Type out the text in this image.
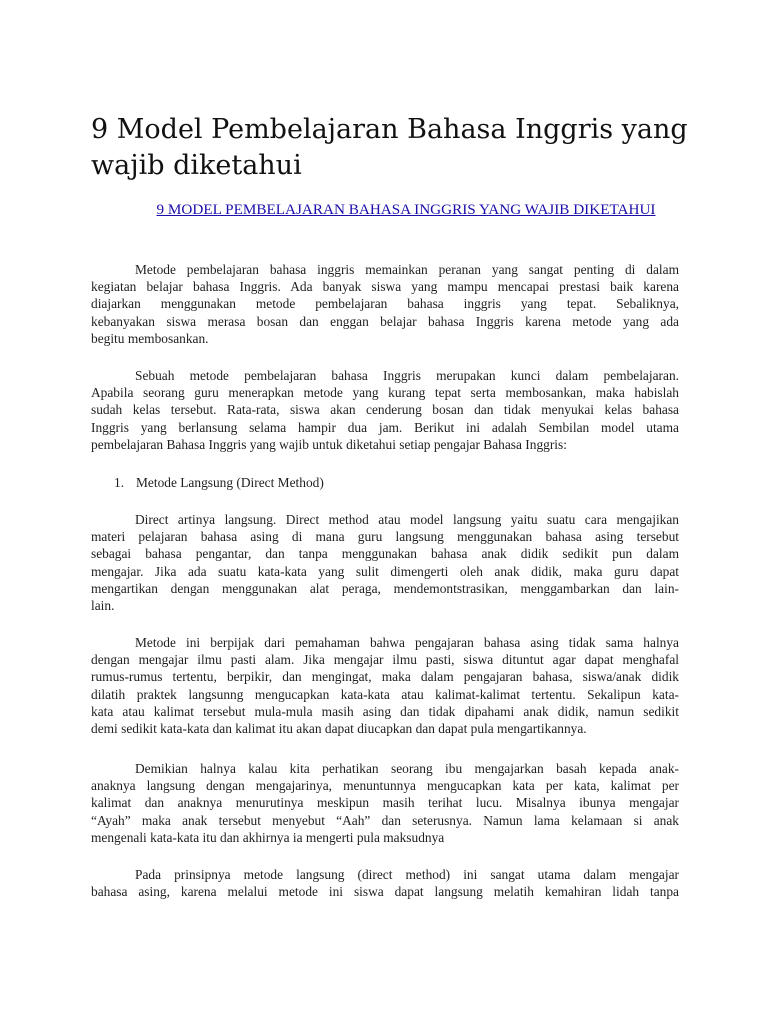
9 Model Pembelajaran Bahasa Inggris yang wajib diketahui
9 MODEL PEMBELAJARAN BAHASA INGGRIS YANG WAJIB DIKETAHUI
Metode pembelajaran bahasa inggris memainkan peranan yang sangat penting di dalam
kegiatan belajar bahasa Inggris. Ada banyak siswa yang mampu mencapai prestasi baik karena
diajarkan menggunakan metode pembelajaran bahasa inggris yang tepat. Sebaliknya,
kebanyakan siswa merasa bosan dan enggan belajar bahasa Inggris karena metode yang ada
begitu membosankan.
Sebuah metode pembelajaran bahasa Inggris merupakan kunci dalam pembelajaran.
Apabila seorang guru menerapkan metode yang kurang tepat serta membosankan, maka habislah
sudah kelas tersebut. Rata-rata, siswa akan cenderung bosan dan tidak menyukai kelas bahasa
Inggris yang berlansung selama hampir dua jam. Berikut ini adalah Sembilan model utama
pembelajaran Bahasa Inggris yang wajib untuk diketahui setiap pengajar Bahasa Inggris:
1. Metode Langsung (Direct Method)
Direct artinya langsung. Direct method atau model langsung yaitu suatu cara mengajikan
materi pelajaran bahasa asing di mana guru langsung menggunakan bahasa asing tersebut
sebagai bahasa pengantar, dan tanpa menggunakan bahasa anak didik sedikit pun dalam
mengajar. Jika ada suatu kata-kata yang sulit dimengerti oleh anak didik, maka guru dapat
mengartikan dengan menggunakan alat peraga, mendemontstrasikan, menggambarkan dan lain-
lain.
Metode ini berpijak dari pemahaman bahwa pengajaran bahasa asing tidak sama halnya
dengan mengajar ilmu pasti alam. Jika mengajar ilmu pasti, siswa dituntut agar dapat menghafal
rumus-rumus tertentu, berpikir, dan mengingat, maka dalam pengajaran bahasa, siswa/anak didik
dilatih praktek langsunng mengucapkan kata-kata atau kalimat-kalimat tertentu. Sekalipun kata-
kata atau kalimat tersebut mula-mula masih asing dan tidak dipahami anak didik, namun sedikit
demi sedikit kata-kata dan kalimat itu akan dapat diucapkan dan dapat pula mengartikannya.
Demikian halnya kalau kita perhatikan seorang ibu mengajarkan basah kepada anak-
anaknya langsung dengan mengajarinya, menuntunnya mengucapkan kata per kata, kalimat per
kalimat dan anaknya menurutinya meskipun masih terihat lucu. Misalnya ibunya mengajar
“Ayah” maka anak tersebut menyebut “Aah” dan seterusnya. Namun lama kelamaan si anak
mengenali kata-kata itu dan akhirnya ia mengerti pula maksudnya
Pada prinsipnya metode langsung (direct method) ini sangat utama dalam mengajar
bahasa asing, karena melalui metode ini siswa dapat langsung melatih kemahiran lidah tanpa
